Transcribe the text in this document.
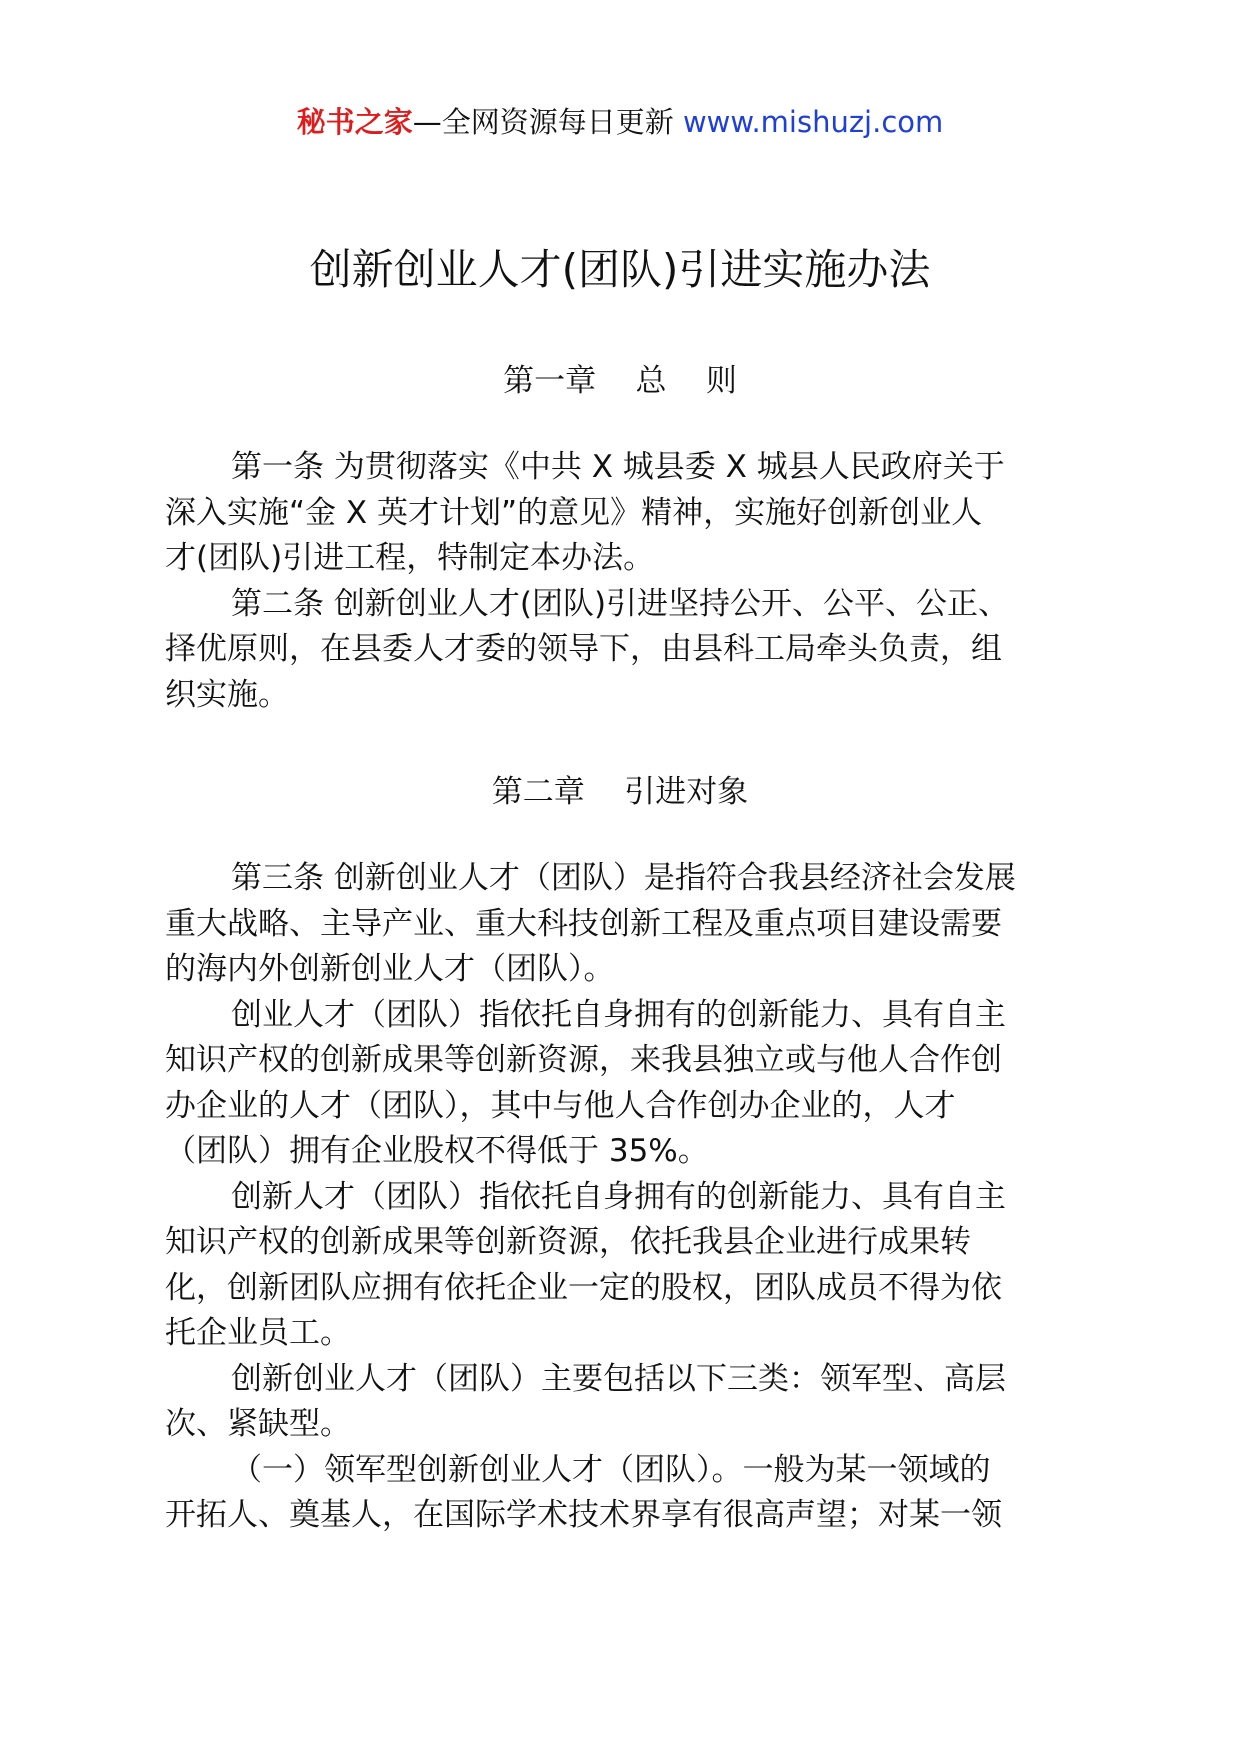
秘书之家—全网资源每日更新 www.mishuzj.com
创新创业人才(团队)引进实施办法
第一章    总    则
第一条 为贯彻落实《中共 X 城县委 X 城县人民政府关于
深入实施“金 X 英才计划”的意见》精神，实施好创新创业人
才(团队)引进工程，特制定本办法。
第二条 创新创业人才(团队)引进坚持公开、公平、公正、
择优原则，在县委人才委的领导下，由县科工局牵头负责，组
织实施。
第二章    引进对象
第三条 创新创业人才（团队）是指符合我县经济社会发展
重大战略、主导产业、重大科技创新工程及重点项目建设需要
的海内外创新创业人才（团队）。
创业人才（团队）指依托自身拥有的创新能力、具有自主
知识产权的创新成果等创新资源，来我县独立或与他人合作创
办企业的人才（团队），其中与他人合作创办企业的，人才
（团队）拥有企业股权不得低于 35%。
创新人才（团队）指依托自身拥有的创新能力、具有自主
知识产权的创新成果等创新资源，依托我县企业进行成果转
化，创新团队应拥有依托企业一定的股权，团队成员不得为依
托企业员工。
创新创业人才（团队）主要包括以下三类：领军型、高层
次、紧缺型。
（一）领军型创新创业人才（团队）。一般为某一领域的
开拓人、奠基人，在国际学术技术界享有很高声望；对某一领
